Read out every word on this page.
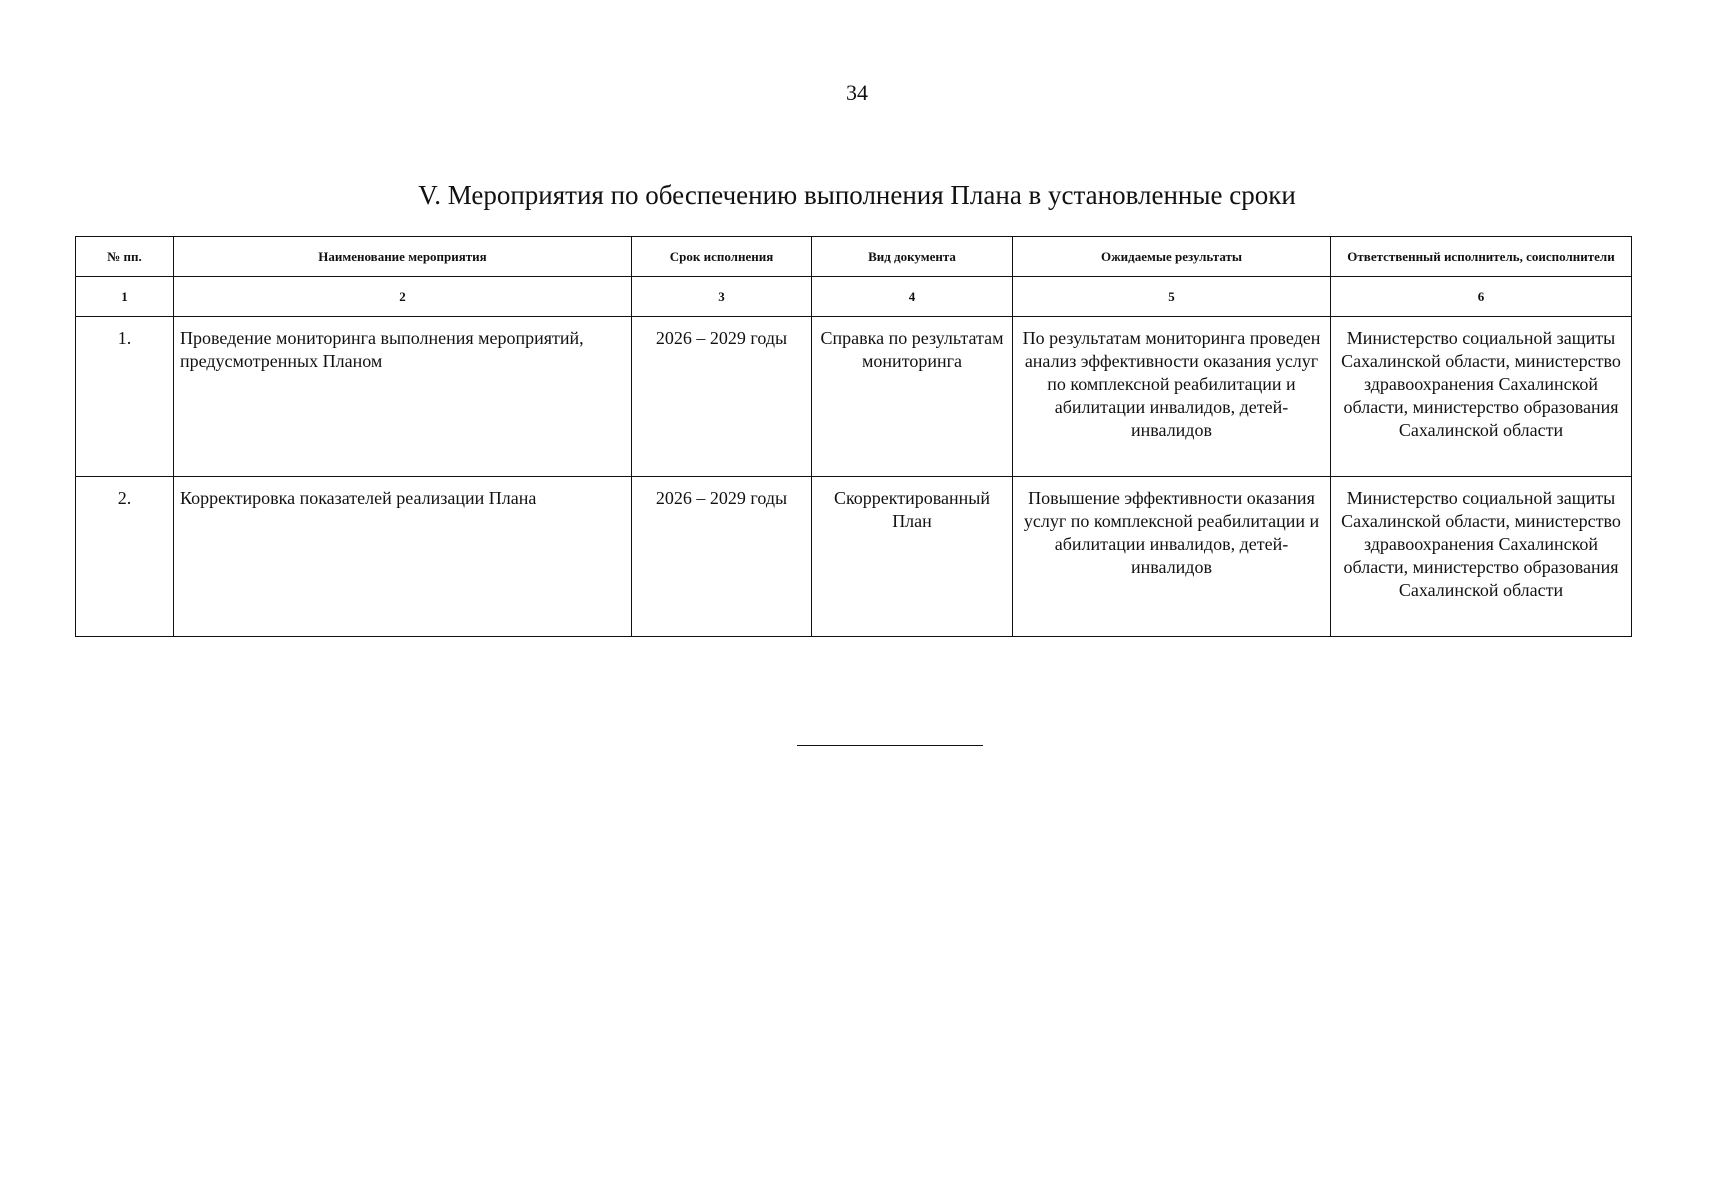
34
V. Мероприятия по обеспечению выполнения Плана в установленные сроки
№ пп.	Наименование мероприятия	Срок исполнения	Вид документа	Ожидаемые результаты	Ответственный исполнитель, соисполнители
1	2	3	4	5	6
1.	Проведение мониторинга выполнения мероприятий, предусмотренных Планом	2026 – 2029 годы	Справка по результатам мониторинга	По результатам мониторинга проведен анализ эффективности оказания услуг по комплексной реабилитации и абилитации инвалидов, детей-инвалидов	Министерство социальной защиты Сахалинской области, министерство здравоохранения Сахалинской области, министерство образования Сахалинской области
2.	Корректировка показателей реализации Плана	2026 – 2029 годы	Скорректированный План	Повышение эффективности оказания услуг по комплексной реабилитации и абилитации инвалидов, детей-инвалидов	Министерство социальной защиты Сахалинской области, министерство здравоохранения Сахалинской области, министерство образования Сахалинской области
